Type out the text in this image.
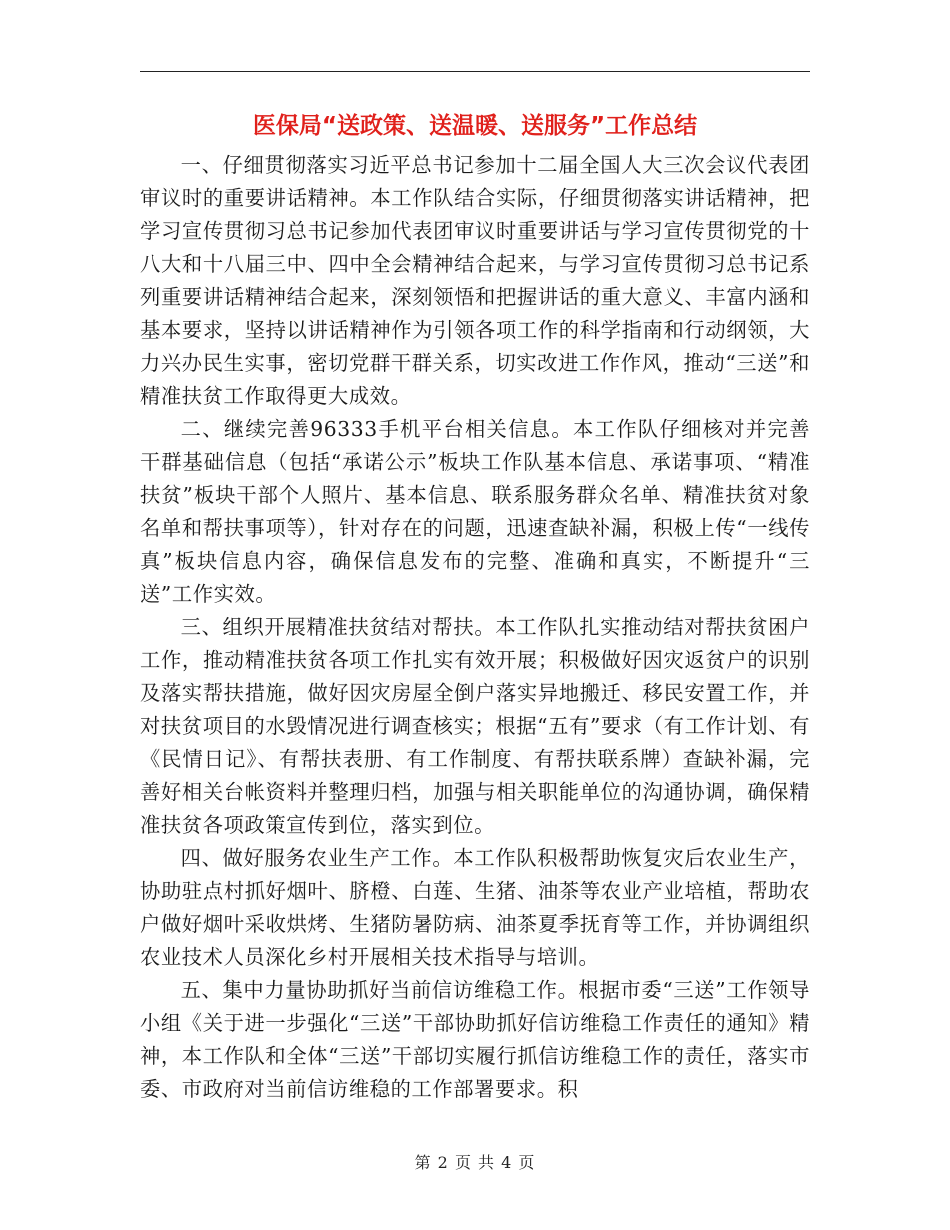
医保局“送政策、送温暖、送服务”工作总结

一、仔细贯彻落实习近平总书记参加十二届全国人大三次会议代表团审议时的重要讲话精神。本工作队结合实际，仔细贯彻落实讲话精神，把学习宣传贯彻习总书记参加代表团审议时重要讲话与学习宣传贯彻党的十八大和十八届三中、四中全会精神结合起来，与学习宣传贯彻习总书记系列重要讲话精神结合起来，深刻领悟和把握讲话的重大意义、丰富内涵和基本要求，坚持以讲话精神作为引领各项工作的科学指南和行动纲领，大力兴办民生实事，密切党群干群关系，切实改进工作作风，推动“三送”和精准扶贫工作取得更大成效。

二、继续完善96333手机平台相关信息。本工作队仔细核对并完善干群基础信息（包括“承诺公示”板块工作队基本信息、承诺事项、“精准扶贫”板块干部个人照片、基本信息、联系服务群众名单、精准扶贫对象名单和帮扶事项等），针对存在的问题，迅速查缺补漏，积极上传“一线传真”板块信息内容，确保信息发布的完整、准确和真实，不断提升“三送”工作实效。

三、组织开展精准扶贫结对帮扶。本工作队扎实推动结对帮扶贫困户工作，推动精准扶贫各项工作扎实有效开展；积极做好因灾返贫户的识别及落实帮扶措施，做好因灾房屋全倒户落实异地搬迁、移民安置工作，并对扶贫项目的水毁情况进行调查核实；根据“五有”要求（有工作计划、有《民情日记》、有帮扶表册、有工作制度、有帮扶联系牌）查缺补漏，完善好相关台帐资料并整理归档，加强与相关职能单位的沟通协调，确保精准扶贫各项政策宣传到位，落实到位。

四、做好服务农业生产工作。本工作队积极帮助恢复灾后农业生产，协助驻点村抓好烟叶、脐橙、白莲、生猪、油茶等农业产业培植，帮助农户做好烟叶采收烘烤、生猪防暑防病、油茶夏季抚育等工作，并协调组织农业技术人员深化乡村开展相关技术指导与培训。

五、集中力量协助抓好当前信访维稳工作。根据市委“三送”工作领导小组《关于进一步强化“三送”干部协助抓好信访维稳工作责任的通知》精神，本工作队和全体“三送”干部切实履行抓信访维稳工作的责任，落实市委、市政府对当前信访维稳的工作部署要求。积

第 2 页 共 4 页
